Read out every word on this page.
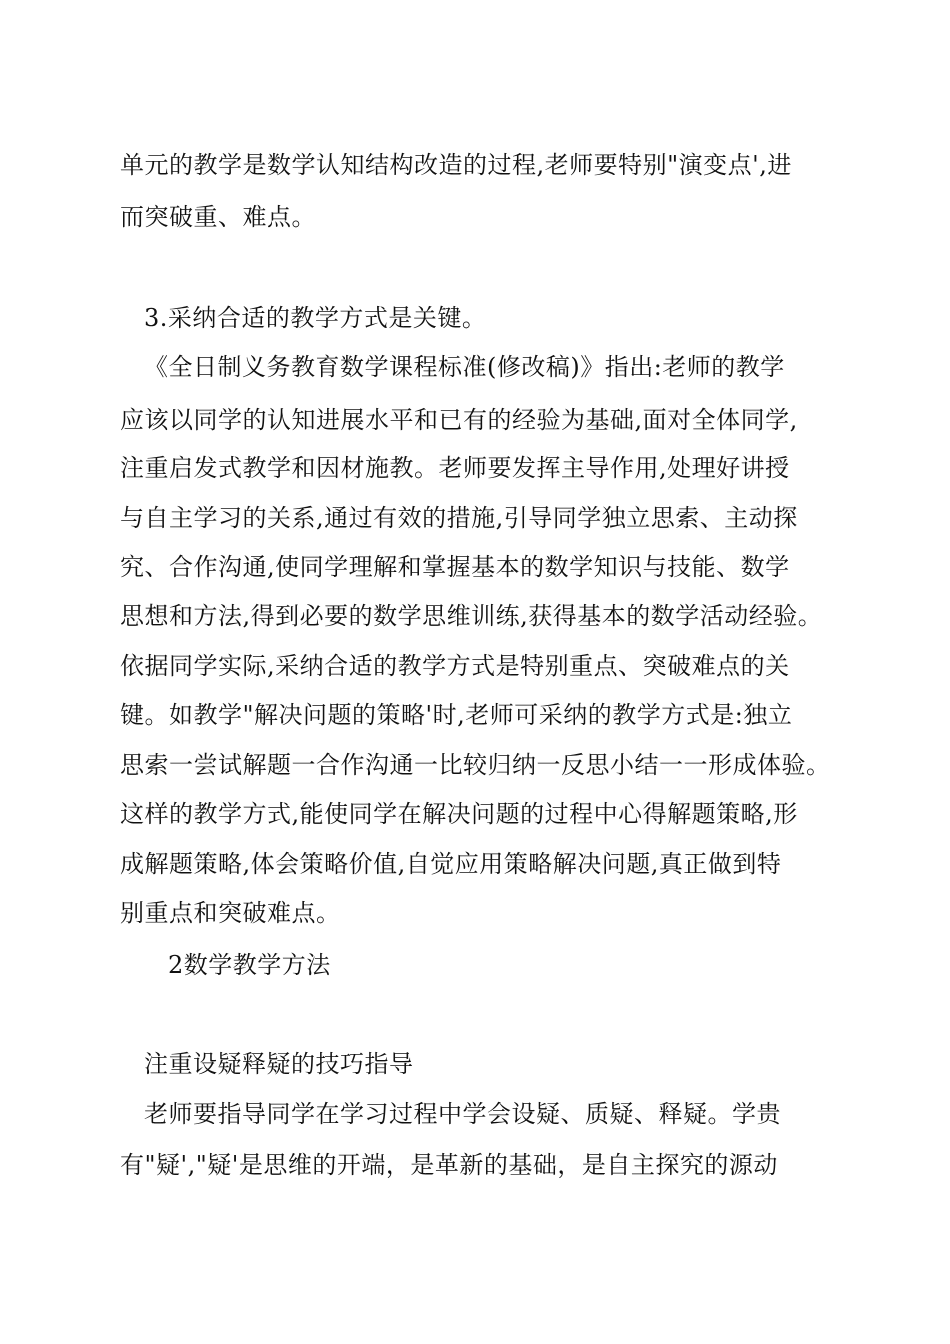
单元的教学是数学认知结构改造的过程,老师要特别"演变点',进
而突破重、难点。
3.采纳合适的教学方式是关键。
《全日制义务教育数学课程标准(修改稿)》指出:老师的教学
应该以同学的认知进展水平和已有的经验为基础,面对全体同学,
注重启发式教学和因材施教。老师要发挥主导作用,处理好讲授
与自主学习的关系,通过有效的措施,引导同学独立思索、主动探
究、合作沟通,使同学理解和掌握基本的数学知识与技能、数学
思想和方法,得到必要的数学思维训练,获得基本的数学活动经验。
依据同学实际,采纳合适的教学方式是特别重点、突破难点的关
键。如教学"解决问题的策略'时,老师可采纳的教学方式是:独立
思索一尝试解题一合作沟通一比较归纳一反思小结一一形成体验。
这样的教学方式,能使同学在解决问题的过程中心得解题策略,形
成解题策略,体会策略价值,自觉应用策略解决问题,真正做到特
别重点和突破难点。
2数学教学方法
注重设疑释疑的技巧指导
老师要指导同学在学习过程中学会设疑、质疑、释疑。学贵
有"疑',"疑'是思维的开端，是革新的基础，是自主探究的源动
